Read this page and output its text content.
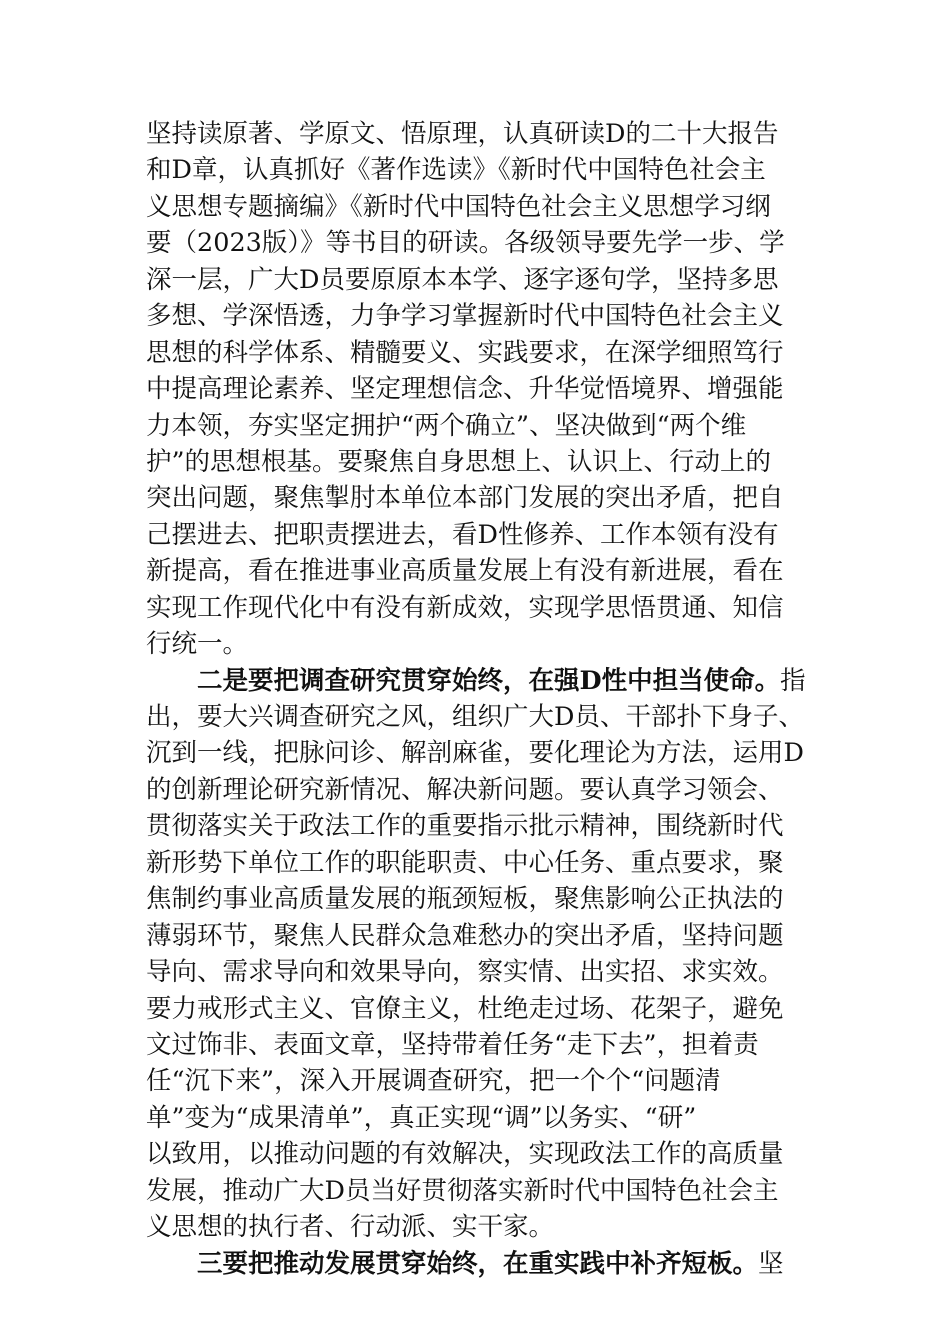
坚持读原著、学原文、悟原理，认真研读D的二十大报告
和D章，认真抓好《著作选读》《新时代中国特色社会主
义思想专题摘编》《新时代中国特色社会主义思想学习纲
要（2023版）》等书目的研读。各级领导要先学一步、学
深一层，广大D员要原原本本学、逐字逐句学，坚持多思
多想、学深悟透，力争学习掌握新时代中国特色社会主义
思想的科学体系、精髓要义、实践要求，在深学细照笃行
中提高理论素养、坚定理想信念、升华觉悟境界、增强能
力本领，夯实坚定拥护“两个确立”、坚决做到“两个维
护”的思想根基。要聚焦自身思想上、认识上、行动上的
突出问题，聚焦掣肘本单位本部门发展的突出矛盾，把自
己摆进去、把职责摆进去，看D性修养、工作本领有没有
新提高，看在推进事业高质量发展上有没有新进展，看在
实现工作现代化中有没有新成效，实现学思悟贯通、知信
行统一。
二是要把调查研究贯穿始终，在强D性中担当使命。指
出，要大兴调查研究之风，组织广大D员、干部扑下身子、
沉到一线，把脉问诊、解剖麻雀，要化理论为方法，运用D
的创新理论研究新情况、解决新问题。要认真学习领会、
贯彻落实关于政法工作的重要指示批示精神，围绕新时代
新形势下单位工作的职能职责、中心任务、重点要求，聚
焦制约事业高质量发展的瓶颈短板，聚焦影响公正执法的
薄弱环节，聚焦人民群众急难愁办的突出矛盾，坚持问题
导向、需求导向和效果导向，察实情、出实招、求实效。
要力戒形式主义、官僚主义，杜绝走过场、花架子，避免
文过饰非、表面文章，坚持带着任务“走下去”，担着责
任“沉下来”，深入开展调查研究，把一个个“问题清
单”变为“成果清单”，真正实现“调”以务实、“研”
以致用，以推动问题的有效解决，实现政法工作的高质量
发展，推动广大D员当好贯彻落实新时代中国特色社会主
义思想的执行者、行动派、实干家。
三要把推动发展贯穿始终，在重实践中补齐短板。坚
